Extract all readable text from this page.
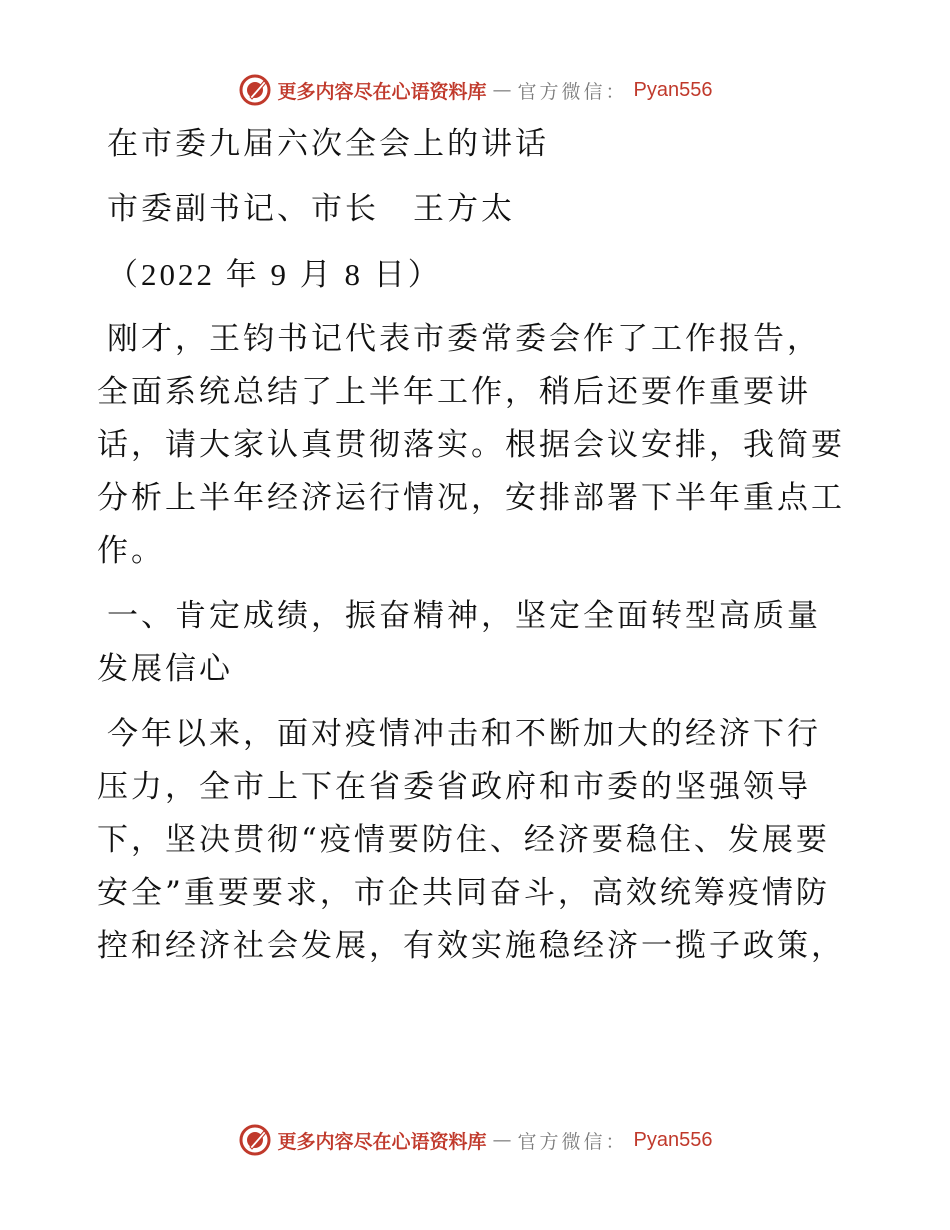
更多内容尽在心语资料库 — 官方微信： Pyan556
在市委九届六次全会上的讲话
市委副书记、市长　王方太
（2022 年 9 月 8 日）
刚才，王钧书记代表市委常委会作了工作报告，
全面系统总结了上半年工作，稍后还要作重要讲
话，请大家认真贯彻落实。根据会议安排，我简要
分析上半年经济运行情况，安排部署下半年重点工
作。
一、肯定成绩，振奋精神，坚定全面转型高质量
发展信心
今年以来，面对疫情冲击和不断加大的经济下行
压力，全市上下在省委省政府和市委的坚强领导
下，坚决贯彻“疫情要防住、经济要稳住、发展要
安全”重要要求，市企共同奋斗，高效统筹疫情防
控和经济社会发展，有效实施稳经济一揽子政策，
更多内容尽在心语资料库 — 官方微信： Pyan556
